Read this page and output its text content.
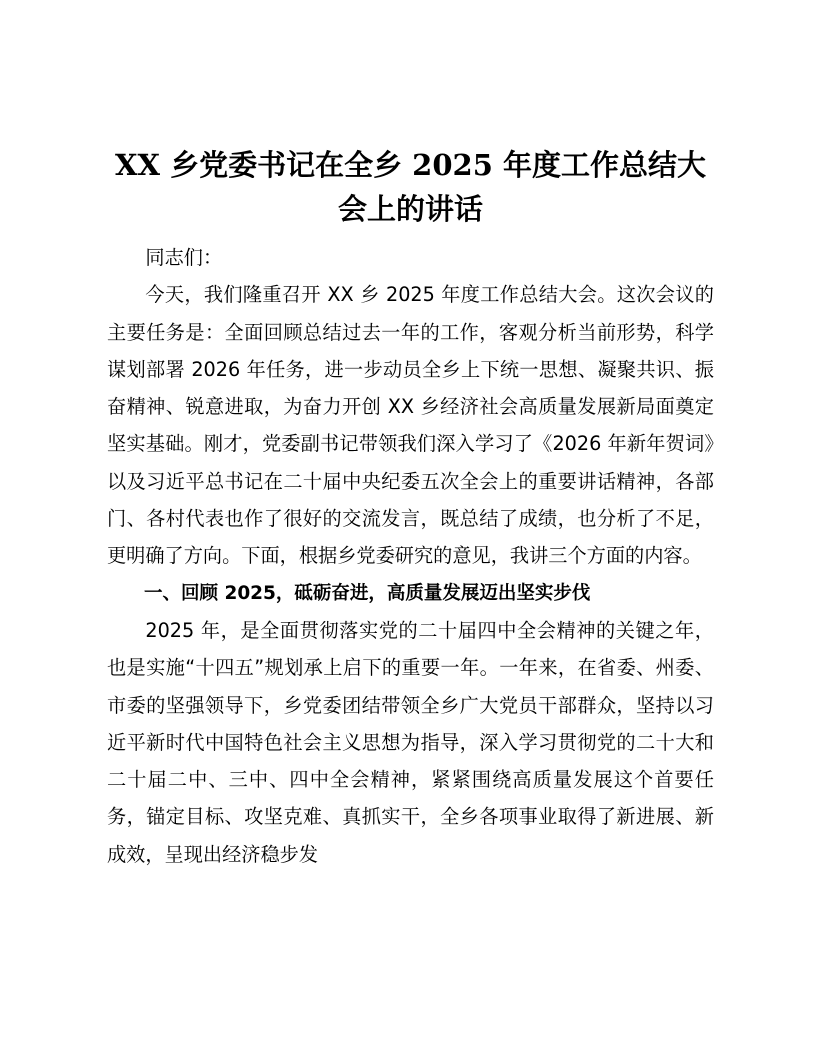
XX 乡党委书记在全乡 2025 年度工作总结大会上的讲话

同志们：

今天，我们隆重召开 XX 乡 2025 年度工作总结大会。这次会议的主要任务是：全面回顾总结过去一年的工作，客观分析当前形势，科学谋划部署 2026 年任务，进一步动员全乡上下统一思想、凝聚共识、振奋精神、锐意进取，为奋力开创 XX 乡经济社会高质量发展新局面奠定坚实基础。刚才，党委副书记带领我们深入学习了《2026 年新年贺词》以及习近平总书记在二十届中央纪委五次全会上的重要讲话精神，各部门、各村代表也作了很好的交流发言，既总结了成绩，也分析了不足，更明确了方向。下面，根据乡党委研究的意见，我讲三个方面的内容。

一、回顾 2025，砥砺奋进，高质量发展迈出坚实步伐

2025 年，是全面贯彻落实党的二十届四中全会精神的关键之年，也是实施“十四五”规划承上启下的重要一年。一年来，在省委、州委、市委的坚强领导下，乡党委团结带领全乡广大党员干部群众，坚持以习近平新时代中国特色社会主义思想为指导，深入学习贯彻党的二十大和二十届二中、三中、四中全会精神，紧紧围绕高质量发展这个首要任务，锚定目标、攻坚克难、真抓实干，全乡各项事业取得了新进展、新成效，呈现出经济稳步发
